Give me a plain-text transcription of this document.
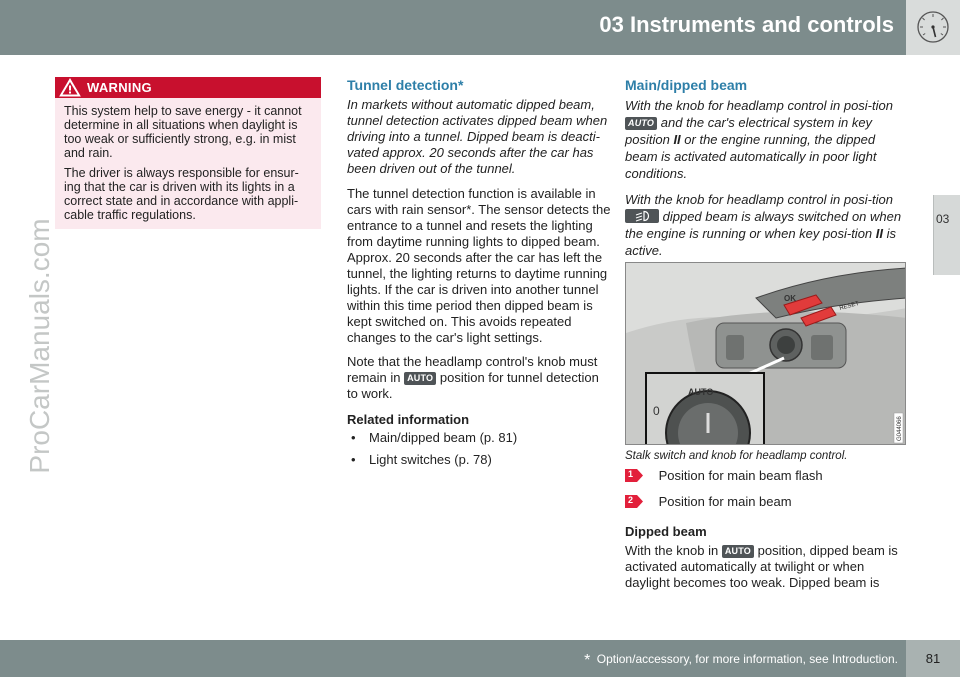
03 Instruments and controls
03
ProCarManuals.com
WARNING

This system help to save energy - it cannot determine in all situations when daylight is too weak or sufficiently strong, e.g. in mist and rain.

The driver is always responsible for ensur-ing that the car is driven with its lights in a correct state and in accordance with appli-cable traffic regulations.

Tunnel detection*

In markets without automatic dipped beam, tunnel detection activates dipped beam when driving into a tunnel. Dipped beam is deacti-vated approx. 20 seconds after the car has been driven out of the tunnel.

The tunnel detection function is available in cars with rain sensor*. The sensor detects the entrance to a tunnel and resets the lighting from daytime running lights to dipped beam. Approx. 20 seconds after the car has left the tunnel, the lighting returns to daytime running lights. If the car is driven into another tunnel within this time period then dipped beam is kept switched on. This avoids repeated changes to the car's light settings.

Note that the headlamp control's knob must remain in AUTO position for tunnel detection to work.

Related information
• Main/dipped beam (p. 81)
• Light switches (p. 78)
Main/dipped beam

With the knob for headlamp control in posi-tion AUTO and the car's electrical system in key position II or the engine running, the dipped beam is activated automatically in poor light conditions.

With the knob for headlamp control in posi-tion  dipped beam is always switched on when the engine is running or when key posi-tion II is active.

OK
RESET
0
AUTO
G044066
Stalk switch and knob for headlamp control.
1 Position for main beam flash
2 Position for main beam
Dipped beam

With the knob in AUTO position, dipped beam is activated automatically at twilight or when daylight becomes too weak. Dipped beam is

* Option/accessory, for more information, see Introduction.	81
